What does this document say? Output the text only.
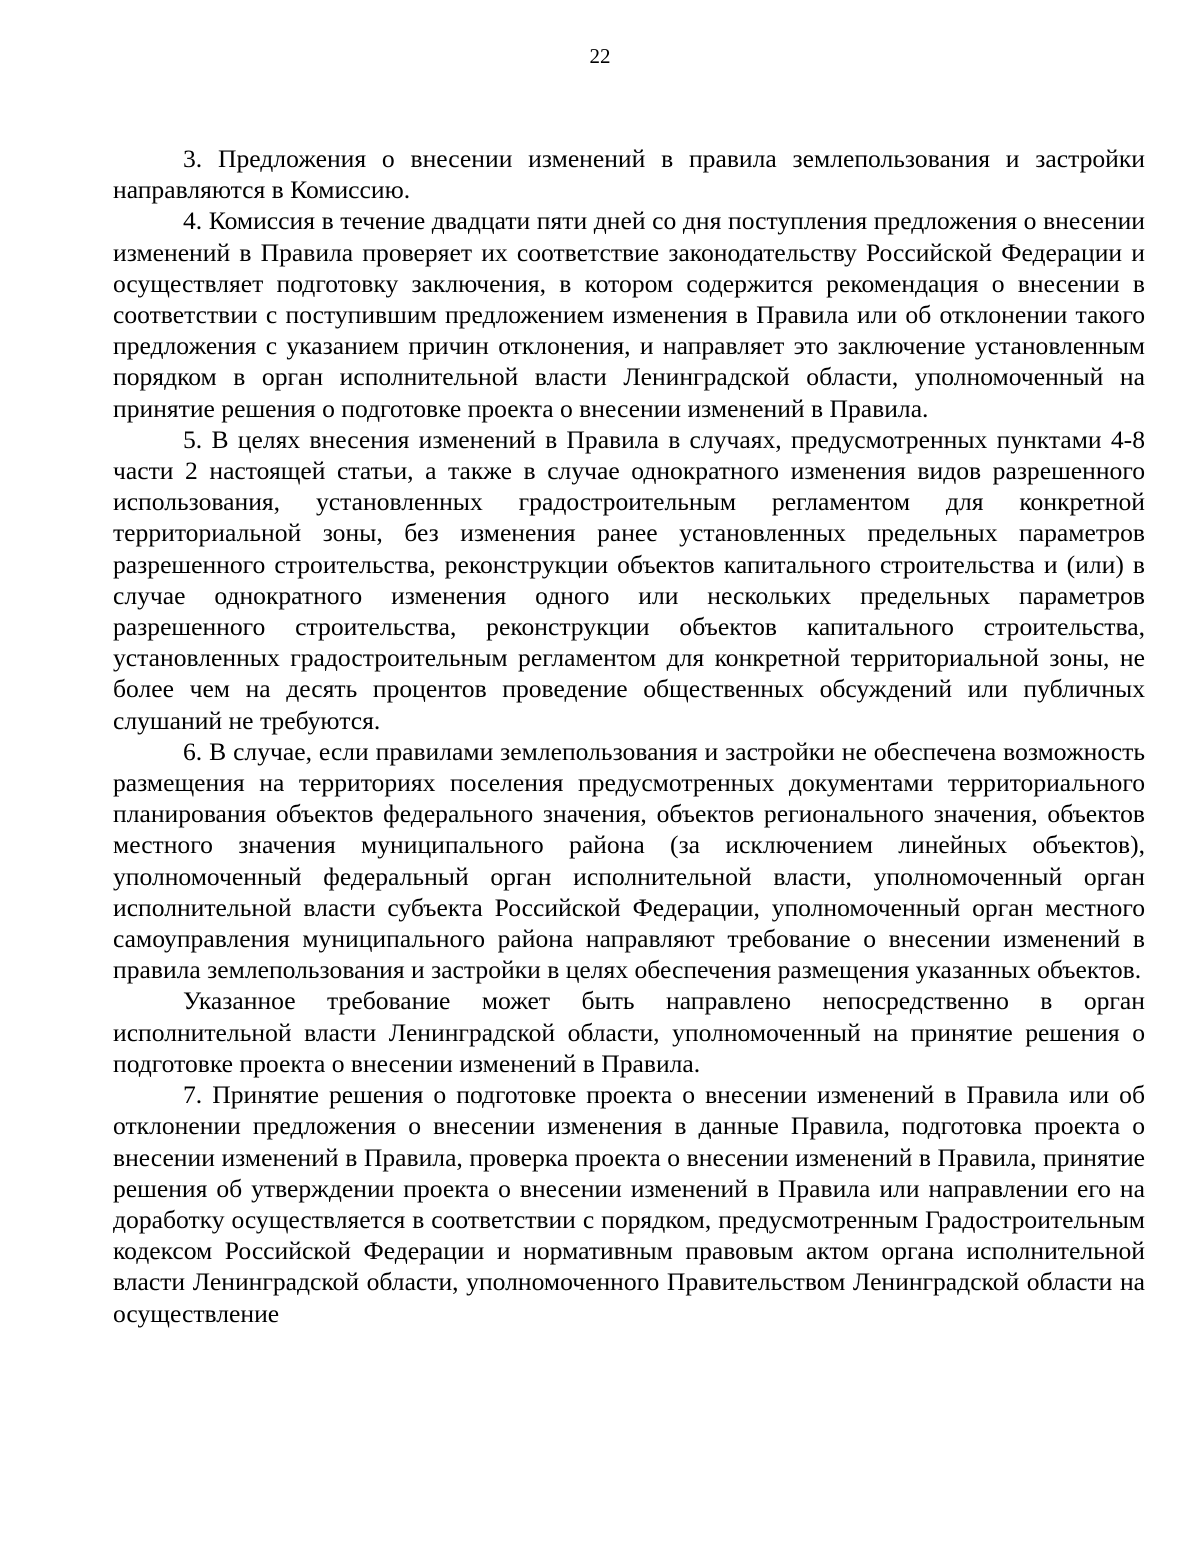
22

3. Предложения о внесении изменений в правила землепользования и застройки направляются в Комиссию.

4. Комиссия в течение двадцати пяти дней со дня поступления предложения о внесении изменений в Правила проверяет их соответствие законодательству Российской Федерации и осуществляет подготовку заключения, в котором содержится рекомендация о внесении в соответствии с поступившим предложением изменения в Правила или об отклонении такого предложения с указанием причин отклонения, и направляет это заключение установленным порядком в орган исполнительной власти Ленинградской области, уполномоченный на принятие решения о подготовке проекта о внесении изменений в Правила.

5. В целях внесения изменений в Правила в случаях, предусмотренных пунктами 4-8 части 2 настоящей статьи, а также в случае однократного изменения видов разрешенного использования, установленных градостроительным регламентом для конкретной территориальной зоны, без изменения ранее установленных предельных параметров разрешенного строительства, реконструкции объектов капитального строительства и (или) в случае однократного изменения одного или нескольких предельных параметров разрешенного строительства, реконструкции объектов капитального строительства, установленных градостроительным регламентом для конкретной территориальной зоны, не более чем на десять процентов проведение общественных обсуждений или публичных слушаний не требуются.

6. В случае, если правилами землепользования и застройки не обеспечена возможность размещения на территориях поселения предусмотренных документами территориального планирования объектов федерального значения, объектов регионального значения, объектов местного значения муниципального района (за исключением линейных объектов), уполномоченный федеральный орган исполнительной власти, уполномоченный орган исполнительной власти субъекта Российской Федерации, уполномоченный орган местного самоуправления муниципального района направляют требование о внесении изменений в правила землепользования и застройки в целях обеспечения размещения указанных объектов.

Указанное требование может быть направлено непосредственно в орган исполнительной власти Ленинградской области, уполномоченный на принятие решения о подготовке проекта о внесении изменений в Правила.

7. Принятие решения о подготовке проекта о внесении изменений в Правила или об отклонении предложения о внесении изменения в данные Правила, подготовка проекта о внесении изменений в Правила, проверка проекта о внесении изменений в Правила, принятие решения об утверждении проекта о внесении изменений в Правила или направлении его на доработку осуществляется в соответствии с порядком, предусмотренным Градостроительным кодексом Российской Федерации и нормативным правовым актом органа исполнительной власти Ленинградской области, уполномоченного Правительством Ленинградской области на осуществление
